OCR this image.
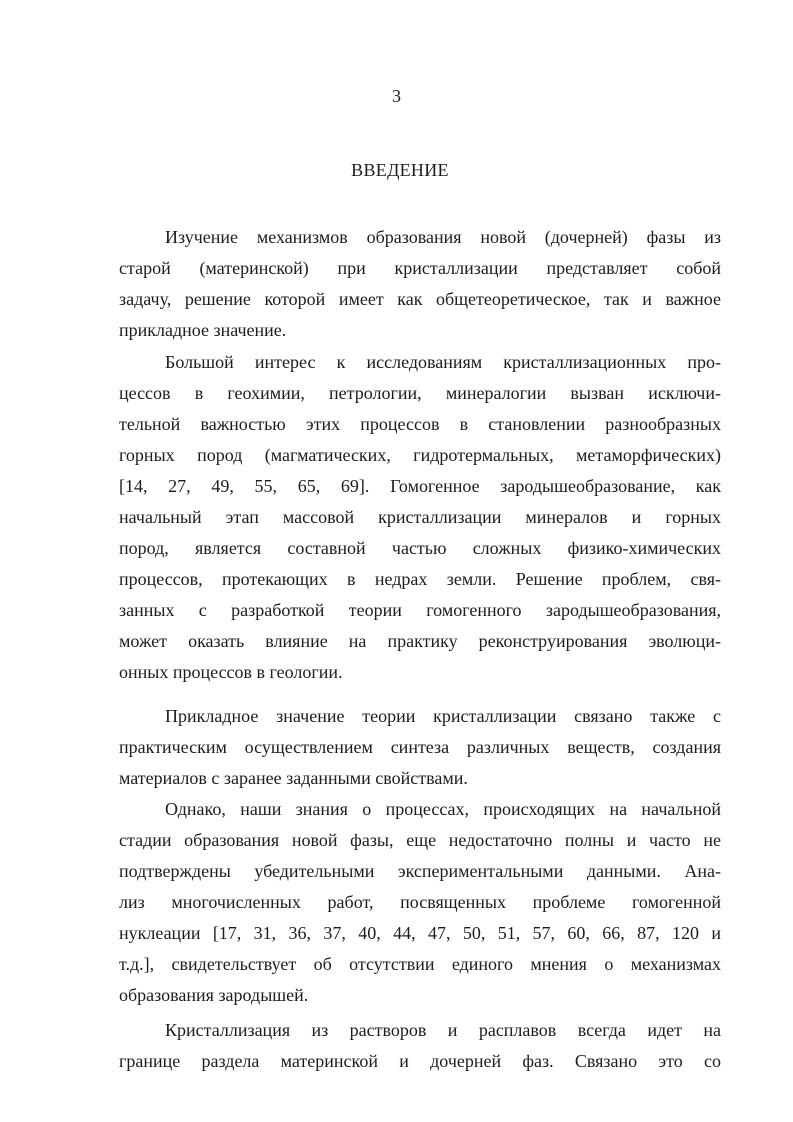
3
ВВЕДЕНИЕ
Изучение механизмов образования новой (дочерней) фазы из
старой (материнской) при кристаллизации представляет собой
задачу, решение которой имеет как общетеоретическое, так и важное
прикладное значение.
Большой интерес к исследованиям кристаллизационных про-
цессов в геохимии, петрологии, минералогии вызван исключи-
тельной важностью этих процессов в становлении разнообразных
горных пород (магматических, гидротермальных, метаморфических)
[14, 27, 49, 55, 65, 69]. Гомогенное зародышеобразование, как
начальный этап массовой кристаллизации минералов и горных
пород, является составной частью сложных физико-химических
процессов, протекающих в недрах земли. Решение проблем, свя-
занных с разработкой теории гомогенного зародышеобразования,
может оказать влияние на практику реконструирования эволюци-
онных процессов в геологии.
Прикладное значение теории кристаллизации связано также с
практическим осуществлением синтеза различных веществ, создания
материалов с заранее заданными свойствами.
Однако, наши знания о процессах, происходящих на начальной
стадии образования новой фазы, еще недостаточно полны и часто не
подтверждены убедительными экспериментальными данными. Ана-
лиз многочисленных работ, посвященных проблеме гомогенной
нуклеации [17, 31, 36, 37, 40, 44, 47, 50, 51, 57, 60, 66, 87, 120 и
т.д.], свидетельствует об отсутствии единого мнения о механизмах
образования зародышей.
Кристаллизация из растворов и расплавов всегда идет на
границе раздела материнской и дочерней фаз. Связано это со
